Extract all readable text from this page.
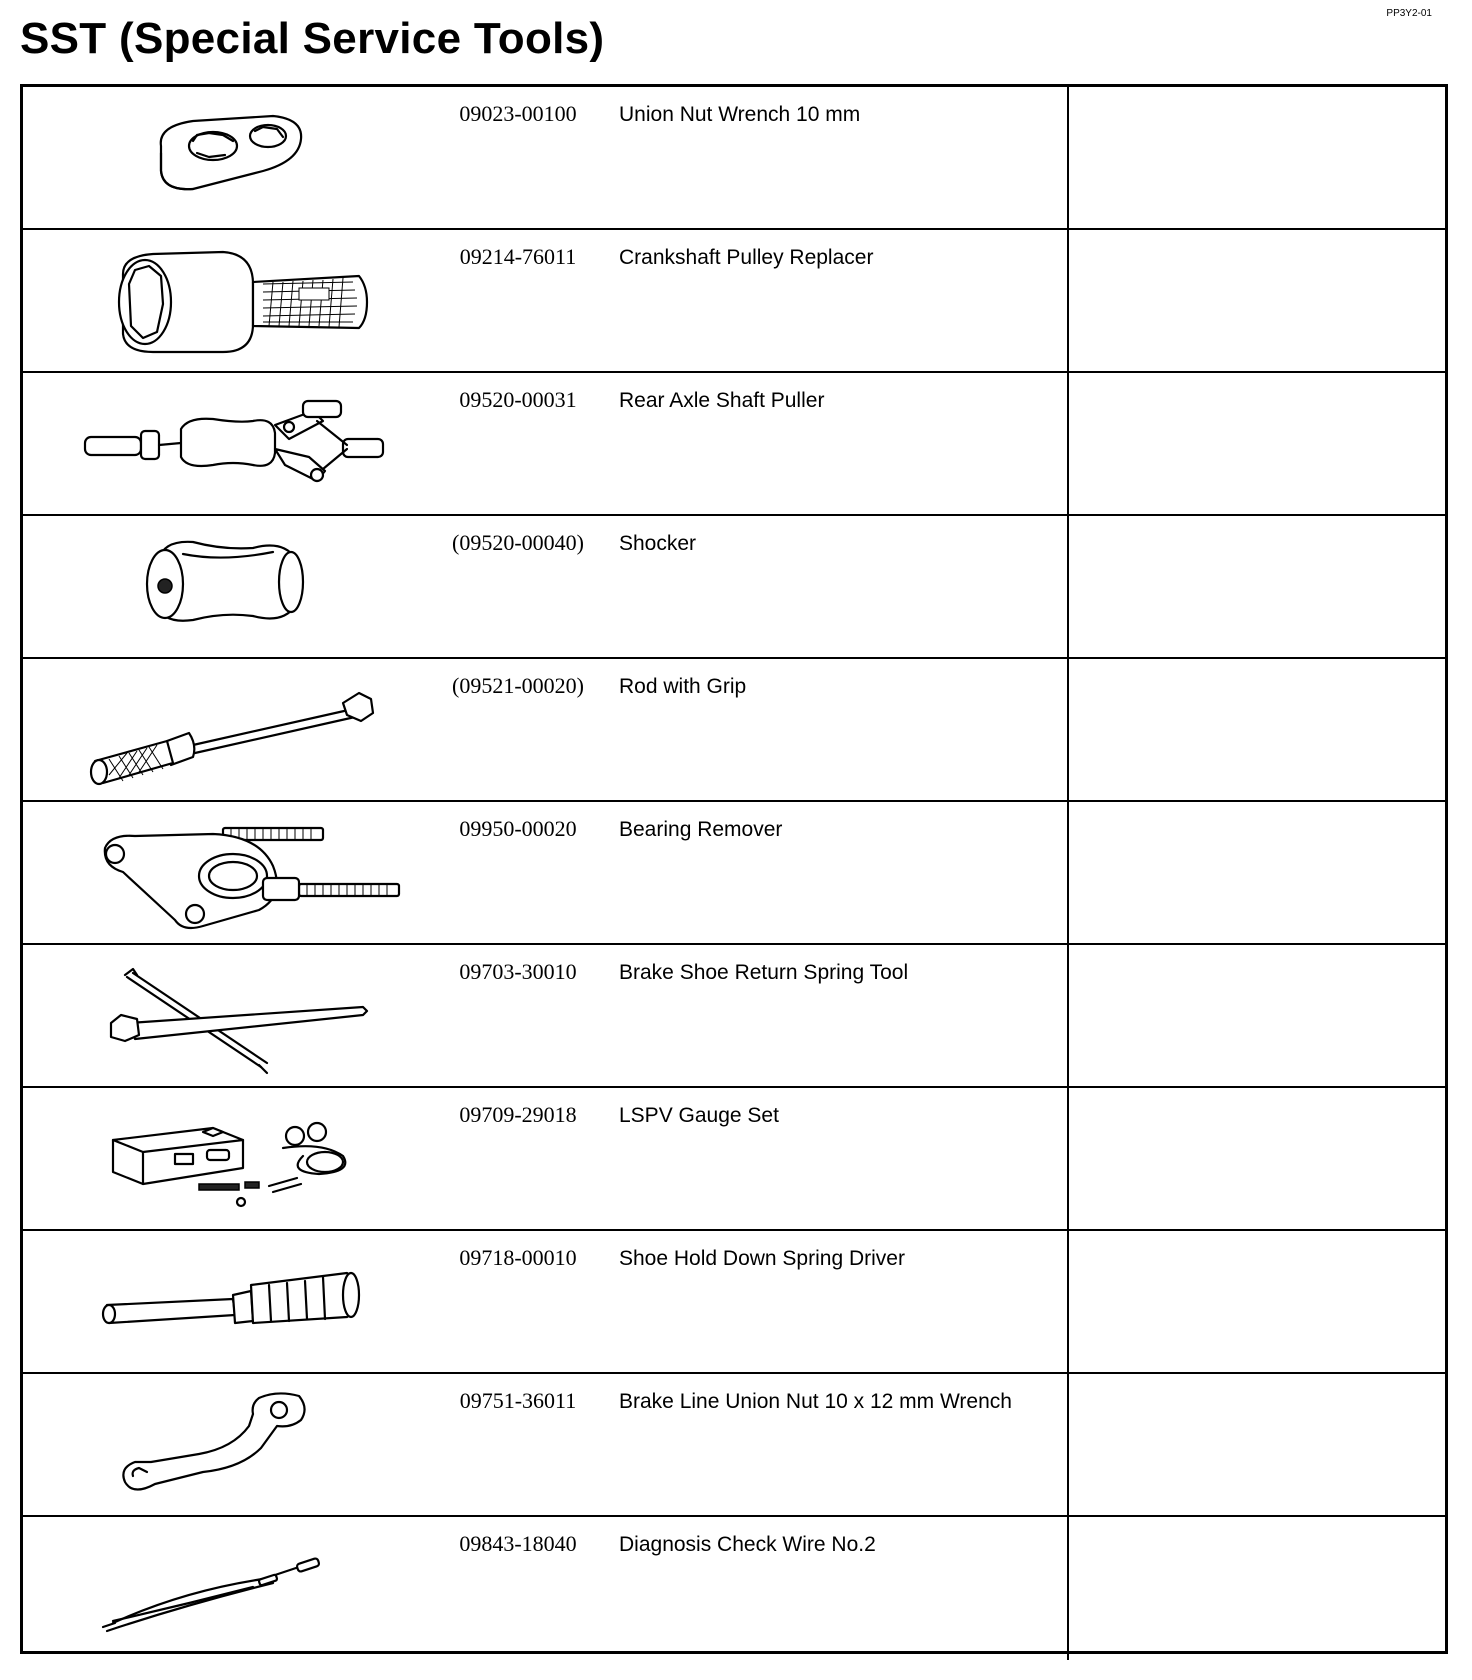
PP3Y2-01
SST (Special Service Tools)
09023-00100	Union Nut Wrench 10 mm
09214-76011	Crankshaft Pulley Replacer
09520-00031	Rear Axle Shaft Puller
(09520-00040)	Shocker
(09521-00020)	Rod with Grip
09950-00020	Bearing Remover
09703-30010	Brake Shoe Return Spring Tool
09709-29018	LSPV Gauge Set
09718-00010	Shoe Hold Down Spring Driver
09751-36011	Brake Line Union Nut 10 x 12 mm Wrench
09843-18040	Diagnosis Check Wire No.2
